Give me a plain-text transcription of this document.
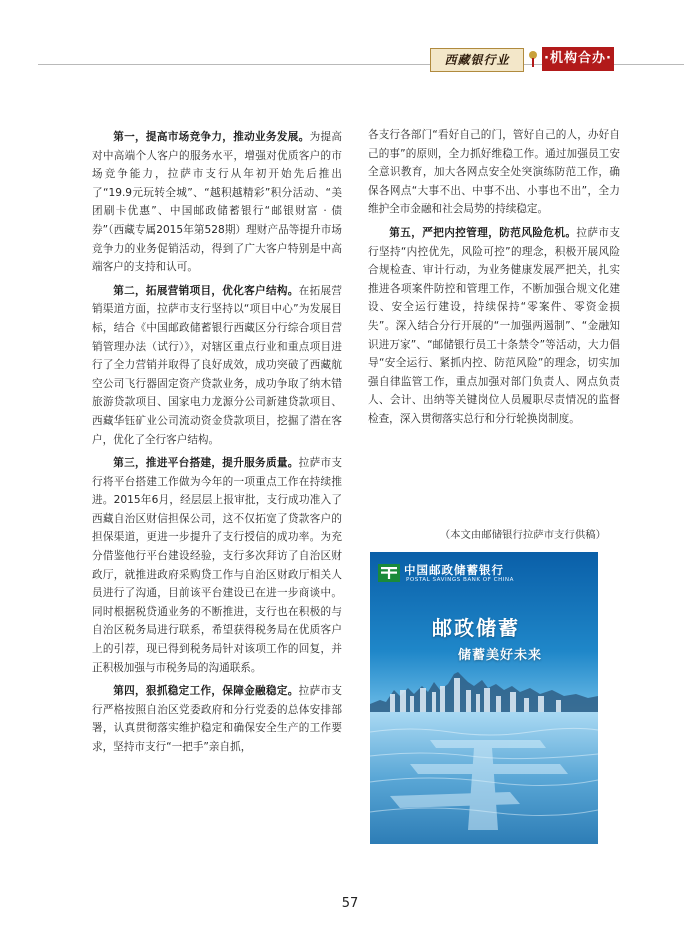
西藏银行业	·机构合办·

第一，提高市场竞争力，推动业务发展。为提高对中高端个人客户的服务水平，增强对优质客户的市场竞争能力，拉萨市支行从年初开始先后推出了“19.9元玩转全城”、“越积越精彩”积分活动、“美团刷卡优惠”、中国邮政储蓄银行“邮银财富 · 债券”（西藏专属2015年第528期）理财产品等提升市场竞争力的业务促销活动，得到了广大客户特别是中高端客户的支持和认可。

第二，拓展营销项目，优化客户结构。在拓展营销渠道方面，拉萨市支行坚持以“项目中心”为发展目标，结合《中国邮政储蓄银行西藏区分行综合项目营销管理办法（试行）》，对辖区重点行业和重点项目进行了全力营销并取得了良好成效，成功突破了西藏航空公司飞行器固定资产贷款业务，成功争取了纳木错旅游贷款项目、国家电力龙源分公司新建贷款项目、西藏华钰矿业公司流动资金贷款项目，挖掘了潜在客户，优化了全行客户结构。

第三，推进平台搭建，提升服务质量。拉萨市支行将平台搭建工作做为今年的一项重点工作在持续推进。2015年6月，经层层上报审批，支行成功准入了西藏自治区财信担保公司，这不仅拓宽了贷款客户的担保渠道，更进一步提升了支行授信的成功率。为充分借鉴他行平台建设经验，支行多次拜访了自治区财政厅，就推进政府采购贷工作与自治区财政厅相关人员进行了沟通，目前该平台建设已在进一步商谈中。同时根据税贷通业务的不断推进，支行也在积极的与自治区税务局进行联系，希望获得税务局在优质客户上的引荐，现已得到税务局针对该项工作的回复，并正积极加强与市税务局的沟通联系。

第四，狠抓稳定工作，保障金融稳定。拉萨市支行严格按照自治区党委政府和分行党委的总体安排部署，认真贯彻落实维护稳定和确保安全生产的工作要求，坚持市支行“一把手”亲自抓，

各支行各部门“看好自己的门，管好自己的人，办好自己的事”的原则，全力抓好维稳工作。通过加强员工安全意识教育，加大各网点安全处突演练防范工作，确保各网点“大事不出、中事不出、小事也不出”，全力维护全市金融和社会局势的持续稳定。

第五，严把内控管理，防范风险危机。拉萨市支行坚持“内控优先，风险可控”的理念，积极开展风险合规检查、审计行动，为业务健康发展严把关，扎实推进各项案件防控和管理工作，不断加强合规文化建设、安全运行建设，持续保持“零案件、零资金损失”。深入结合分行开展的“一加强两遏制”、“金融知识进万家”、“邮储银行员工十条禁令”等活动，大力倡导“安全运行、紧抓内控、防范风险”的理念，切实加强自律监管工作，重点加强对部门负责人、网点负责人、会计、出纳等关键岗位人员履职尽责情况的监督检查，深入贯彻落实总行和分行轮换岗制度。

（本文由邮储银行拉萨市支行供稿）
中国邮政储蓄银行
POSTAL SAVINGS BANK OF CHINA
邮政储蓄
储蓄美好未来
57
